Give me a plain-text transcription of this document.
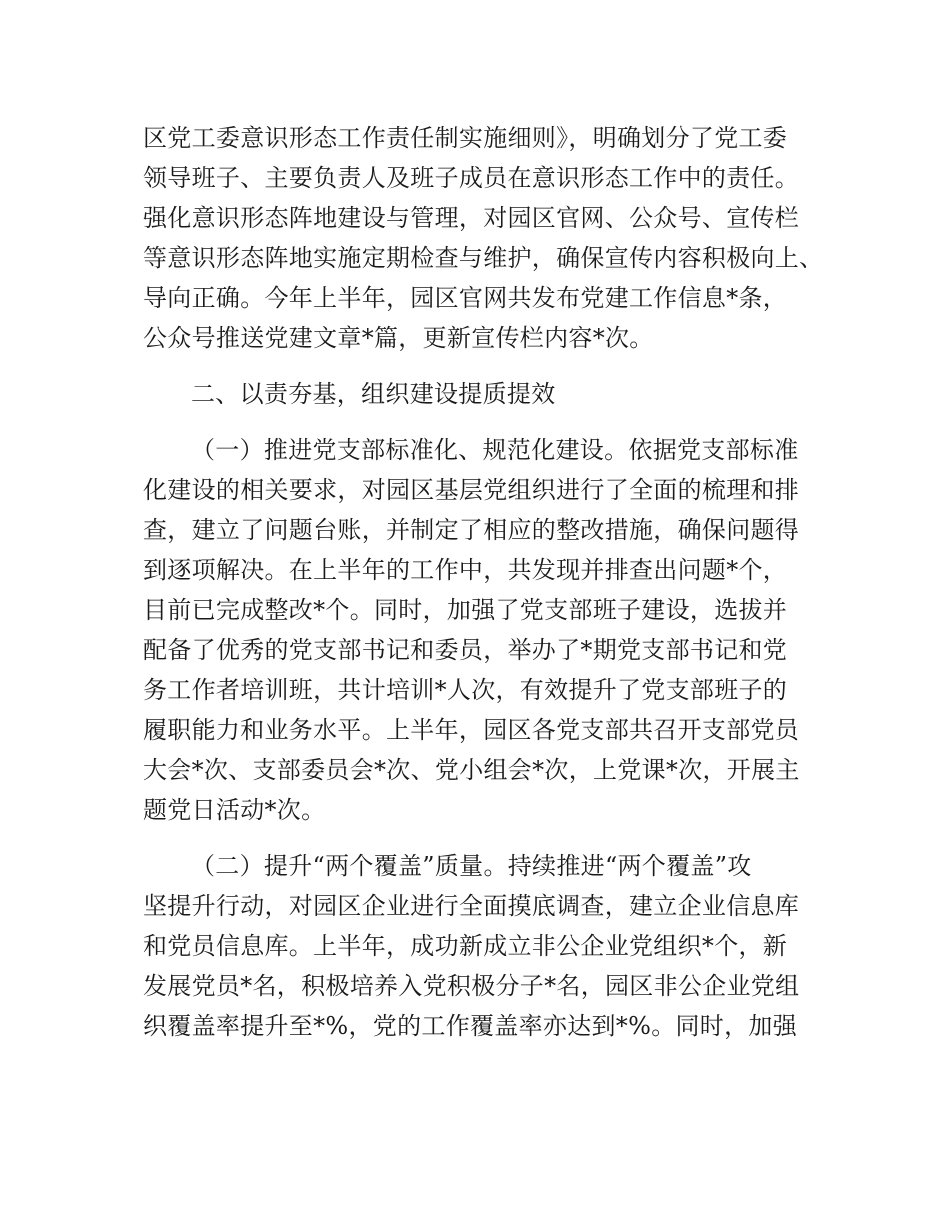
区党工委意识形态工作责任制实施细则》，明确划分了党工委
领导班子、主要负责人及班子成员在意识形态工作中的责任。
强化意识形态阵地建设与管理，对园区官网、公众号、宣传栏
等意识形态阵地实施定期检查与维护，确保宣传内容积极向上、
导向正确。今年上半年，园区官网共发布党建工作信息*条，
公众号推送党建文章*篇，更新宣传栏内容*次。
二、以责夯基，组织建设提质提效
（一）推进党支部标准化、规范化建设。依据党支部标准
化建设的相关要求，对园区基层党组织进行了全面的梳理和排
查，建立了问题台账，并制定了相应的整改措施，确保问题得
到逐项解决。在上半年的工作中，共发现并排查出问题*个，
目前已完成整改*个。同时，加强了党支部班子建设，选拔并
配备了优秀的党支部书记和委员，举办了*期党支部书记和党
务工作者培训班，共计培训*人次，有效提升了党支部班子的
履职能力和业务水平。上半年，园区各党支部共召开支部党员
大会*次、支部委员会*次、党小组会*次，上党课*次，开展主
题党日活动*次。
（二）提升“两个覆盖”质量。持续推进“两个覆盖”攻
坚提升行动，对园区企业进行全面摸底调查，建立企业信息库
和党员信息库。上半年，成功新成立非公企业党组织*个，新
发展党员*名，积极培养入党积极分子*名，园区非公企业党组
织覆盖率提升至*%，党的工作覆盖率亦达到*%。同时，加强
